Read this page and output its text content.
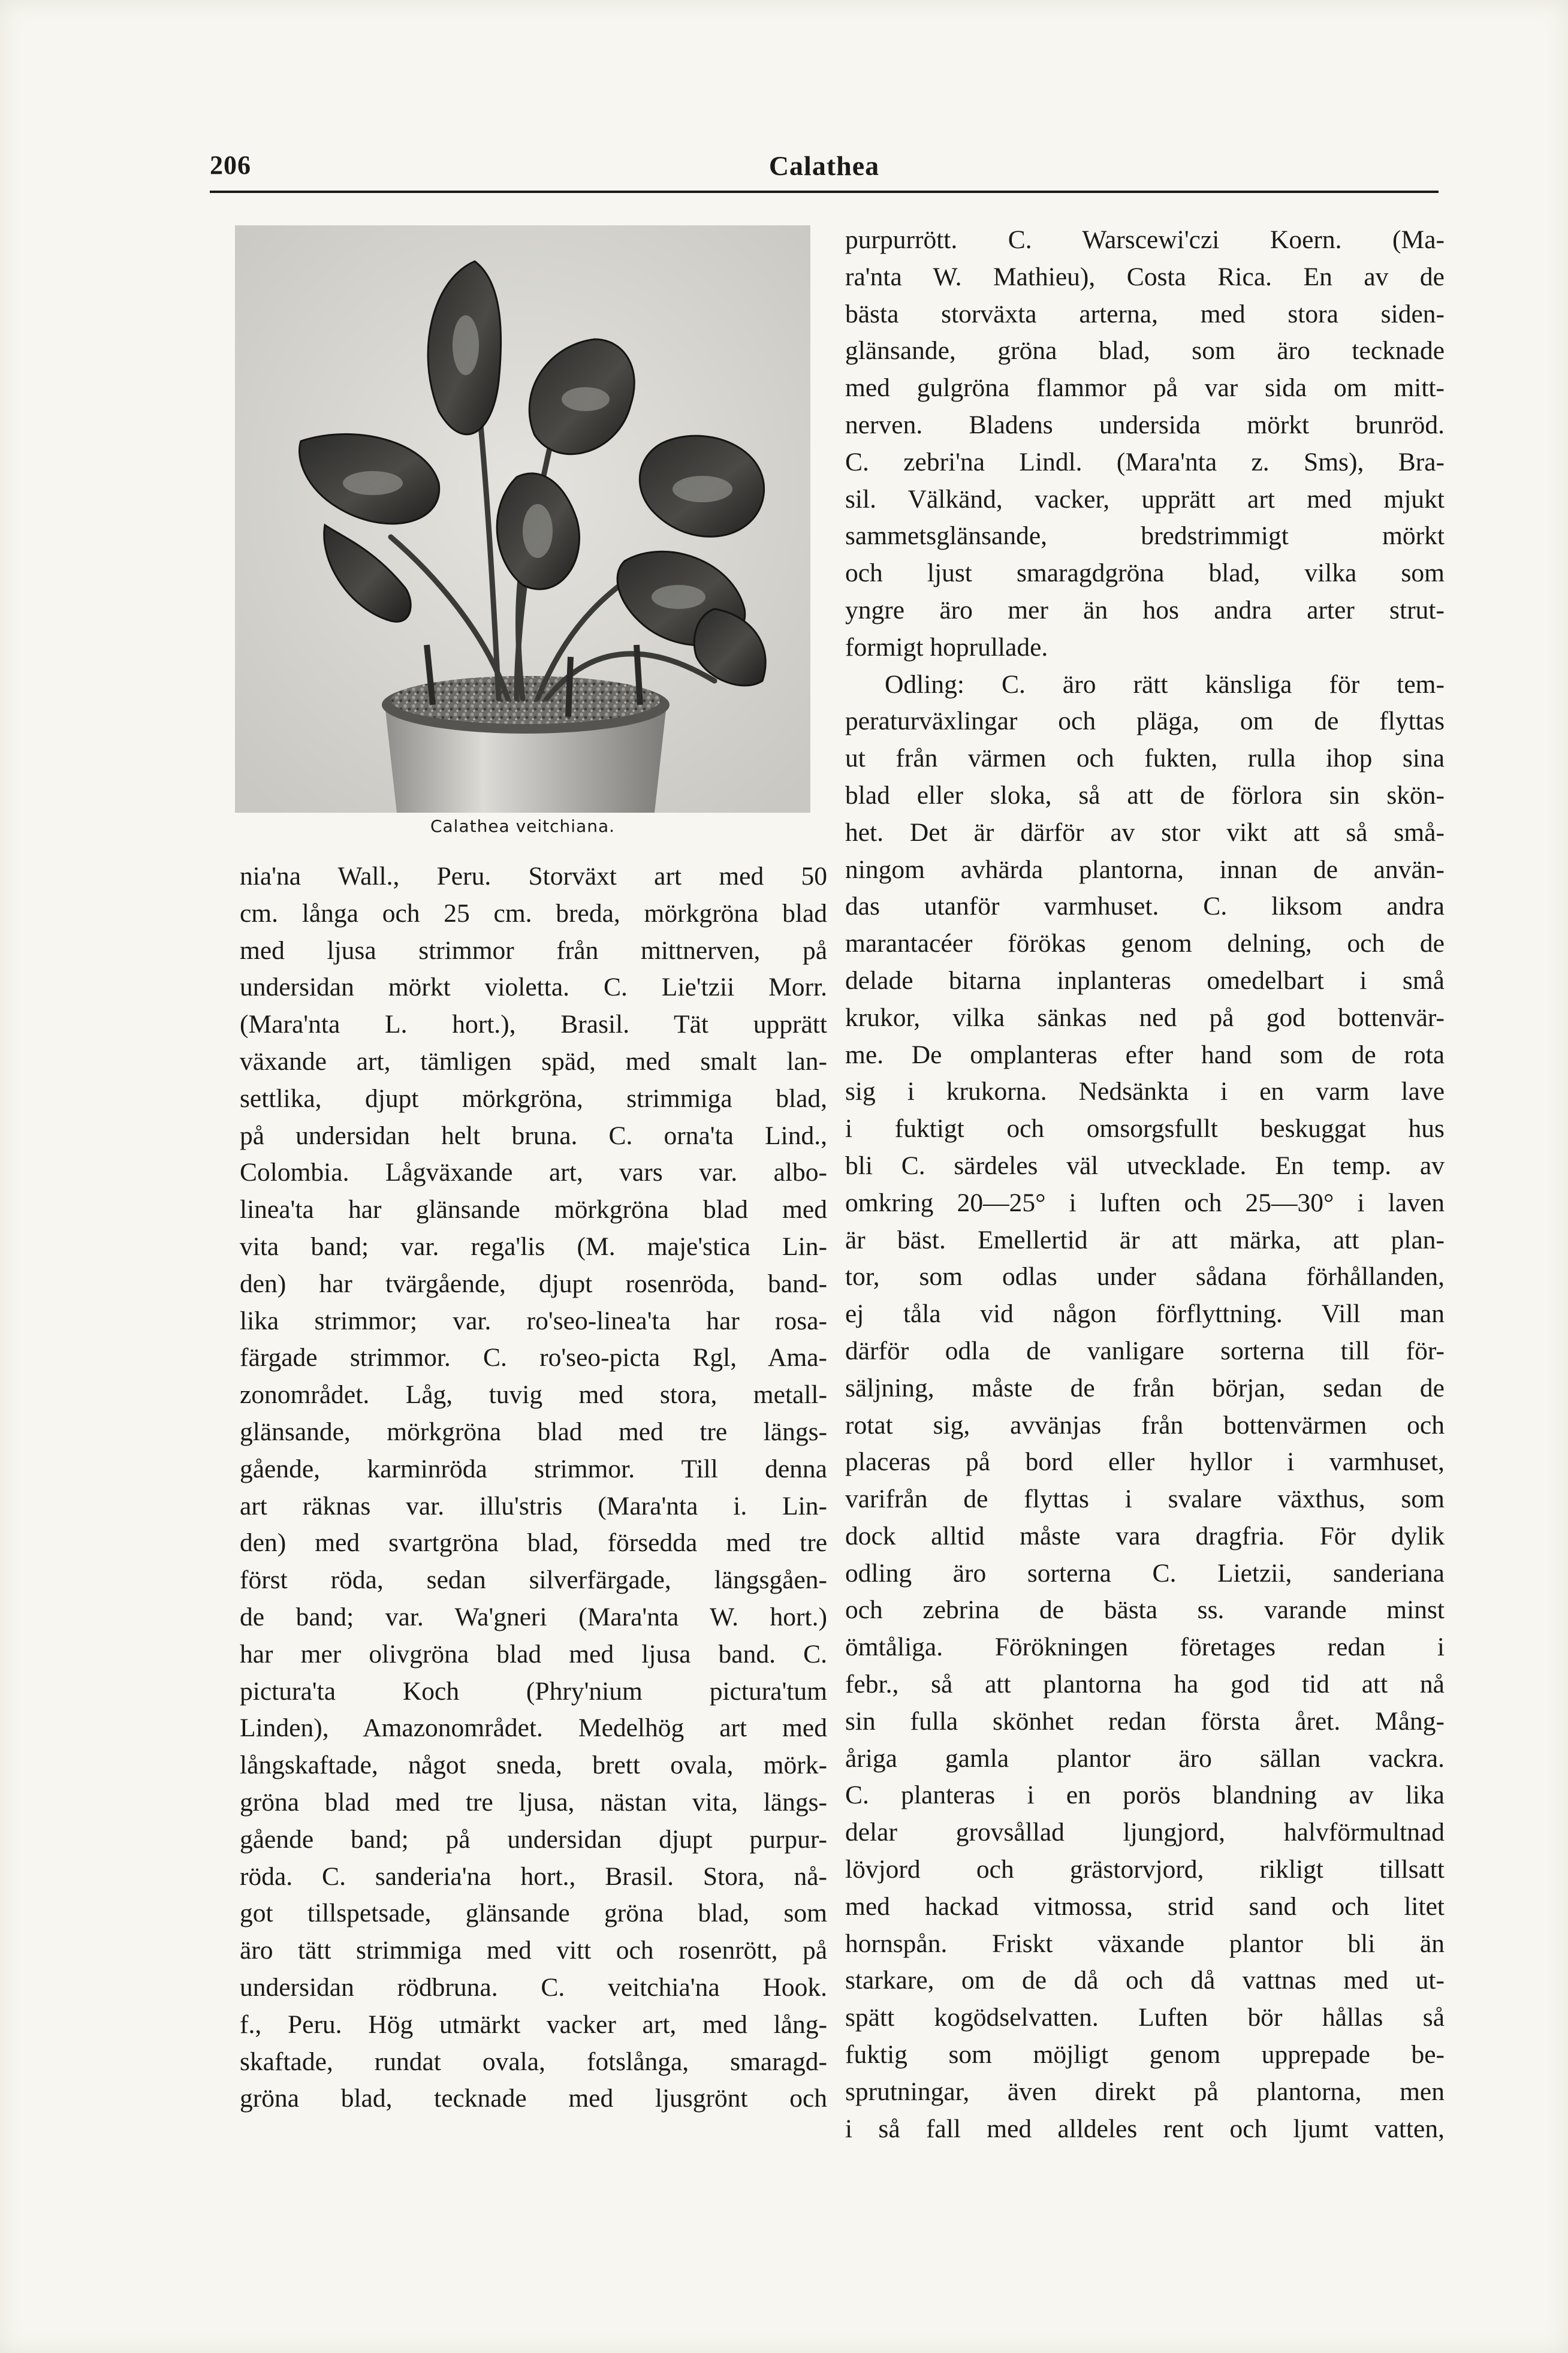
206	Calathea
Calathea veitchiana.
nia'na Wall., Peru. Storväxt art med 50
cm. långa och 25 cm. breda, mörkgröna blad
med ljusa strimmor från mittnerven, på
undersidan mörkt violetta. C. Lie'tzii Morr.
(Mara'nta L. hort.), Brasil. Tät upprätt
växande art, tämligen späd, med smalt lan-
settlika, djupt mörkgröna, strimmiga blad,
på undersidan helt bruna. C. orna'ta Lind.,
Colombia. Lågväxande art, vars var. albo-
linea'ta har glänsande mörkgröna blad med
vita band; var. rega'lis (M. maje'stica Lin-
den) har tvärgående, djupt rosenröda, band-
lika strimmor; var. ro'seo-linea'ta har rosa-
färgade strimmor. C. ro'seo-picta Rgl, Ama-
zonområdet. Låg, tuvig med stora, metall-
glänsande, mörkgröna blad med tre längs-
gående, karminröda strimmor. Till denna
art räknas var. illu'stris (Mara'nta i. Lin-
den) med svartgröna blad, försedda med tre
först röda, sedan silverfärgade, längsgåen-
de band; var. Wa'gneri (Mara'nta W. hort.)
har mer olivgröna blad med ljusa band. C.
pictura'ta Koch (Phry'nium pictura'tum
Linden), Amazonområdet. Medelhög art med
långskaftade, något sneda, brett ovala, mörk-
gröna blad med tre ljusa, nästan vita, längs-
gående band; på undersidan djupt purpur-
röda. C. sanderia'na hort., Brasil. Stora, nå-
got tillspetsade, glänsande gröna blad, som
äro tätt strimmiga med vitt och rosenrött, på
undersidan rödbruna. C. veitchia'na Hook.
f., Peru. Hög utmärkt vacker art, med lång-
skaftade, rundat ovala, fotslånga, smaragd-
gröna blad, tecknade med ljusgrönt och
purpurrött. C. Warscewi'czi Koern. (Ma-
ra'nta W. Mathieu), Costa Rica. En av de
bästa storväxta arterna, med stora siden-
glänsande, gröna blad, som äro tecknade
med gulgröna flammor på var sida om mitt-
nerven. Bladens undersida mörkt brunröd.
C. zebri'na Lindl. (Mara'nta z. Sms), Bra-
sil. Välkänd, vacker, upprätt art med mjukt
sammetsglänsande, bredstrimmigt mörkt
och ljust smaragdgröna blad, vilka som
yngre äro mer än hos andra arter strut-
formigt hoprullade.
Odling: C. äro rätt känsliga för tem-
peraturväxlingar och pläga, om de flyttas
ut från värmen och fukten, rulla ihop sina
blad eller sloka, så att de förlora sin skön-
het. Det är därför av stor vikt att så små-
ningom avhärda plantorna, innan de använ-
das utanför varmhuset. C. liksom andra
marantacéer förökas genom delning, och de
delade bitarna inplanteras omedelbart i små
krukor, vilka sänkas ned på god bottenvär-
me. De omplanteras efter hand som de rota
sig i krukorna. Nedsänkta i en varm lave
i fuktigt och omsorgsfullt beskuggat hus
bli C. särdeles väl utvecklade. En temp. av
omkring 20—25° i luften och 25—30° i laven
är bäst. Emellertid är att märka, att plan-
tor, som odlas under sådana förhållanden,
ej tåla vid någon förflyttning. Vill man
därför odla de vanligare sorterna till för-
säljning, måste de från början, sedan de
rotat sig, avvänjas från bottenvärmen och
placeras på bord eller hyllor i varmhuset,
varifrån de flyttas i svalare växthus, som
dock alltid måste vara dragfria. För dylik
odling äro sorterna C. Lietzii, sanderiana
och zebrina de bästa ss. varande minst
ömtåliga. Förökningen företages redan i
febr., så att plantorna ha god tid att nå
sin fulla skönhet redan första året. Mång-
åriga gamla plantor äro sällan vackra.
C. planteras i en porös blandning av lika
delar grovsållad ljungjord, halvförmultnad
lövjord och grästorvjord, rikligt tillsatt
med hackad vitmossa, strid sand och litet
hornspån. Friskt växande plantor bli än
starkare, om de då och då vattnas med ut-
spätt kogödselvatten. Luften bör hållas så
fuktig som möjligt genom upprepade be-
sprutningar, även direkt på plantorna, men
i så fall med alldeles rent och ljumt vatten,
